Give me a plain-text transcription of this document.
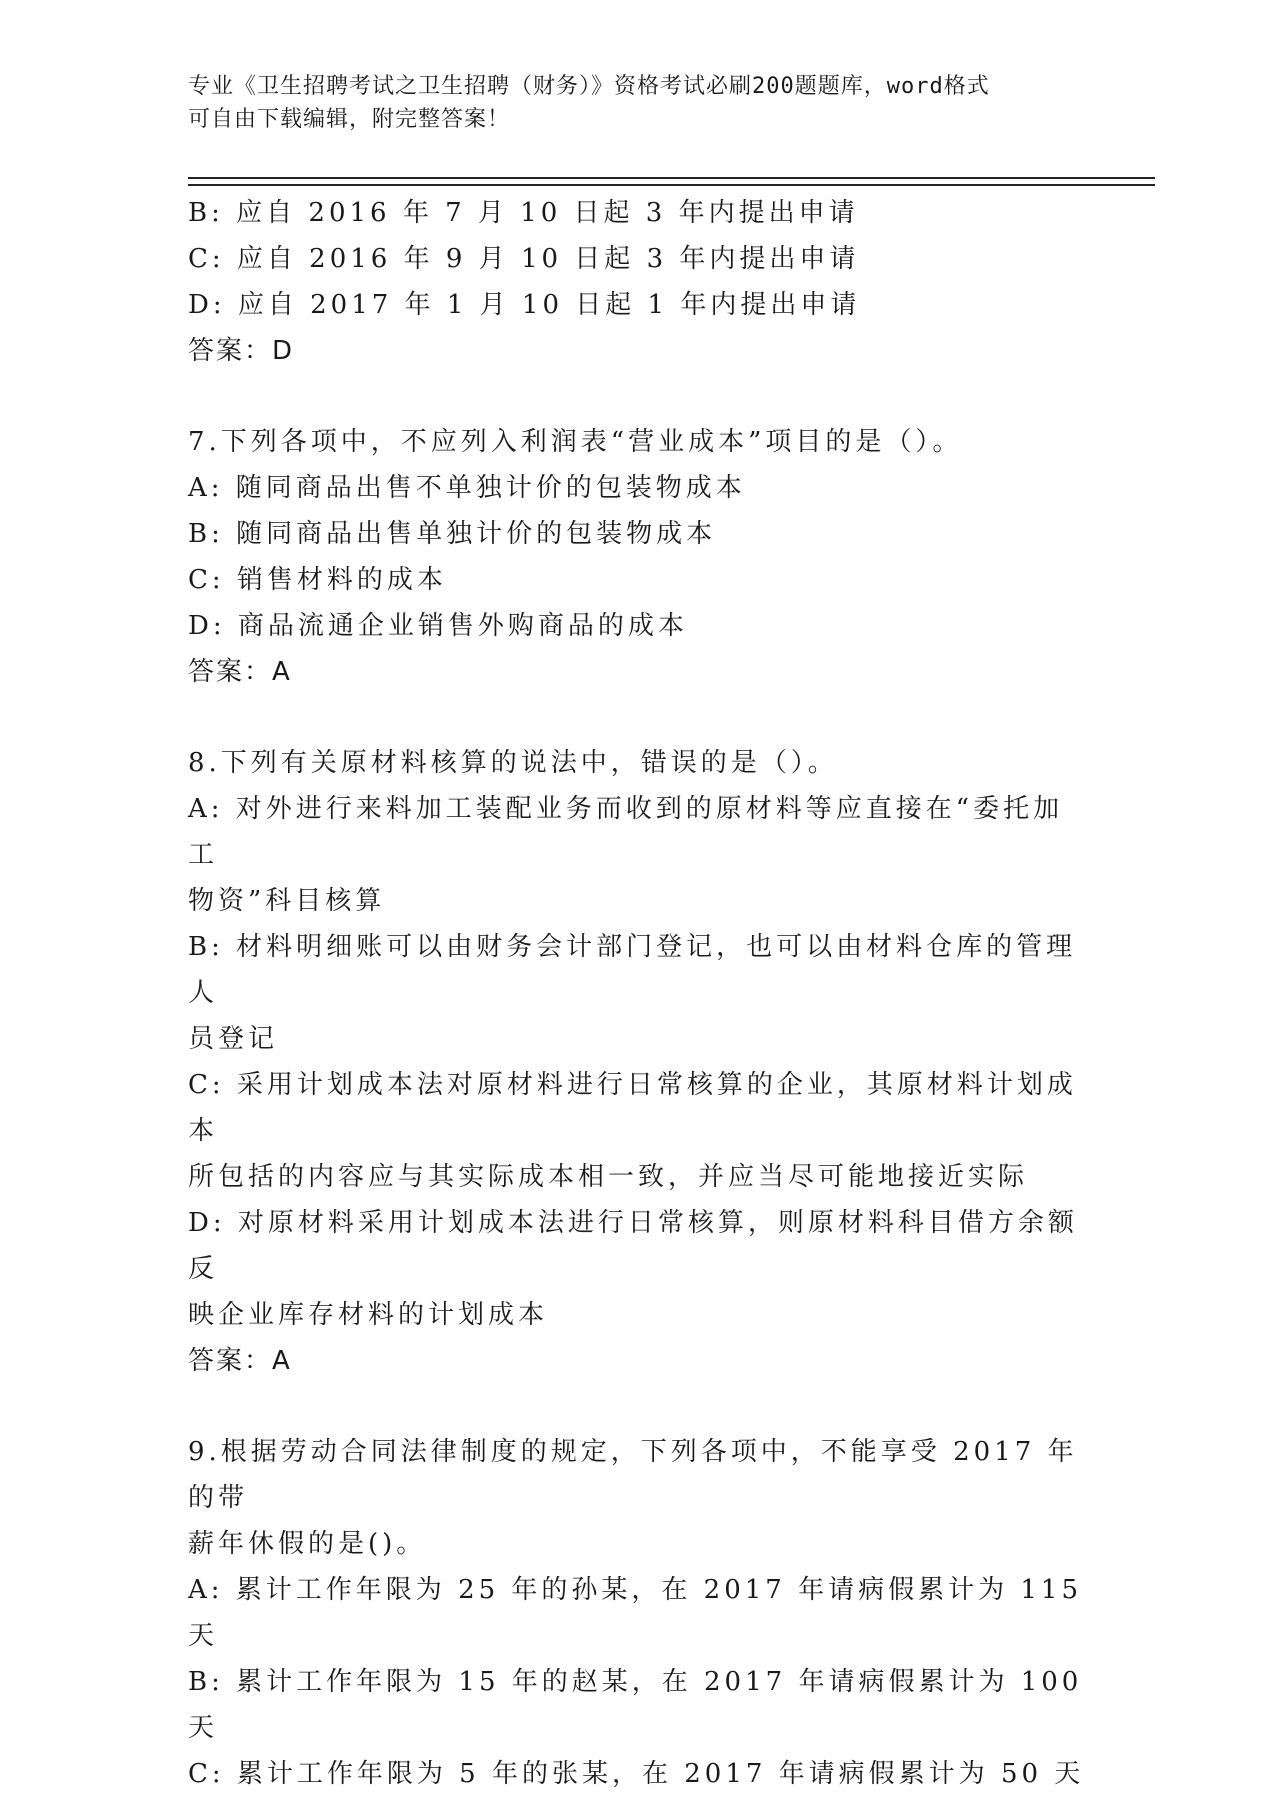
专业《卫生招聘考试之卫生招聘（财务）》资格考试必刷200题题库，word格式
可自由下载编辑，附完整答案！

B: 应自 2016 年 7 月 10 日起 3 年内提出申请

C: 应自 2016 年 9 月 10 日起 3 年内提出申请

D: 应自 2017 年 1 月 10 日起 1 年内提出申请

答案：D

7.下列各项中，不应列入利润表“营业成本”项目的是（）。

A: 随同商品出售不单独计价的包装物成本

B: 随同商品出售单独计价的包装物成本

C: 销售材料的成本

D: 商品流通企业销售外购商品的成本

答案：A

8.下列有关原材料核算的说法中，错误的是（）。

A: 对外进行来料加工装配业务而收到的原材料等应直接在“委托加工

物资”科目核算

B: 材料明细账可以由财务会计部门登记，也可以由材料仓库的管理人

员登记

C: 采用计划成本法对原材料进行日常核算的企业，其原材料计划成本

所包括的内容应与其实际成本相一致，并应当尽可能地接近实际

D: 对原材料采用计划成本法进行日常核算，则原材料科目借方余额反

映企业库存材料的计划成本

答案：A

9.根据劳动合同法律制度的规定，下列各项中，不能享受 2017 年的带

薪年休假的是()。

A: 累计工作年限为 25 年的孙某，在 2017 年请病假累计为 115 天

B: 累计工作年限为 15 年的赵某，在 2017 年请病假累计为 100 天

C: 累计工作年限为 5 年的张某，在 2017 年请病假累计为 50 天
